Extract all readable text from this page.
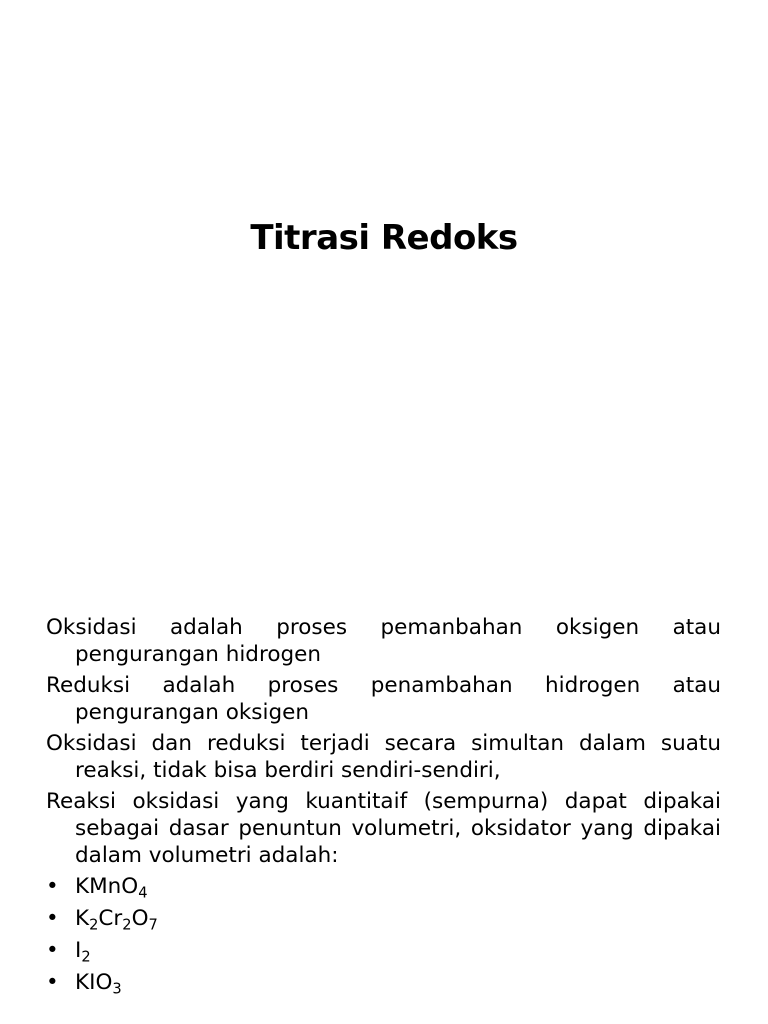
Titrasi Redoks

Oksidasi adalah proses pemanbahan oksigen atau pengurangan hidrogen

Reduksi adalah proses penambahan hidrogen atau pengurangan oksigen

Oksidasi dan reduksi terjadi secara simultan dalam suatu reaksi, tidak bisa berdiri sendiri-sendiri,

Reaksi oksidasi yang kuantitaif (sempurna) dapat dipakai sebagai dasar penuntun volumetri, oksidator yang dipakai dalam volumetri adalah:

• KMnO$_4$
• $K_2Cr_2O_7$
• $I_2$
• $KIO_3$
